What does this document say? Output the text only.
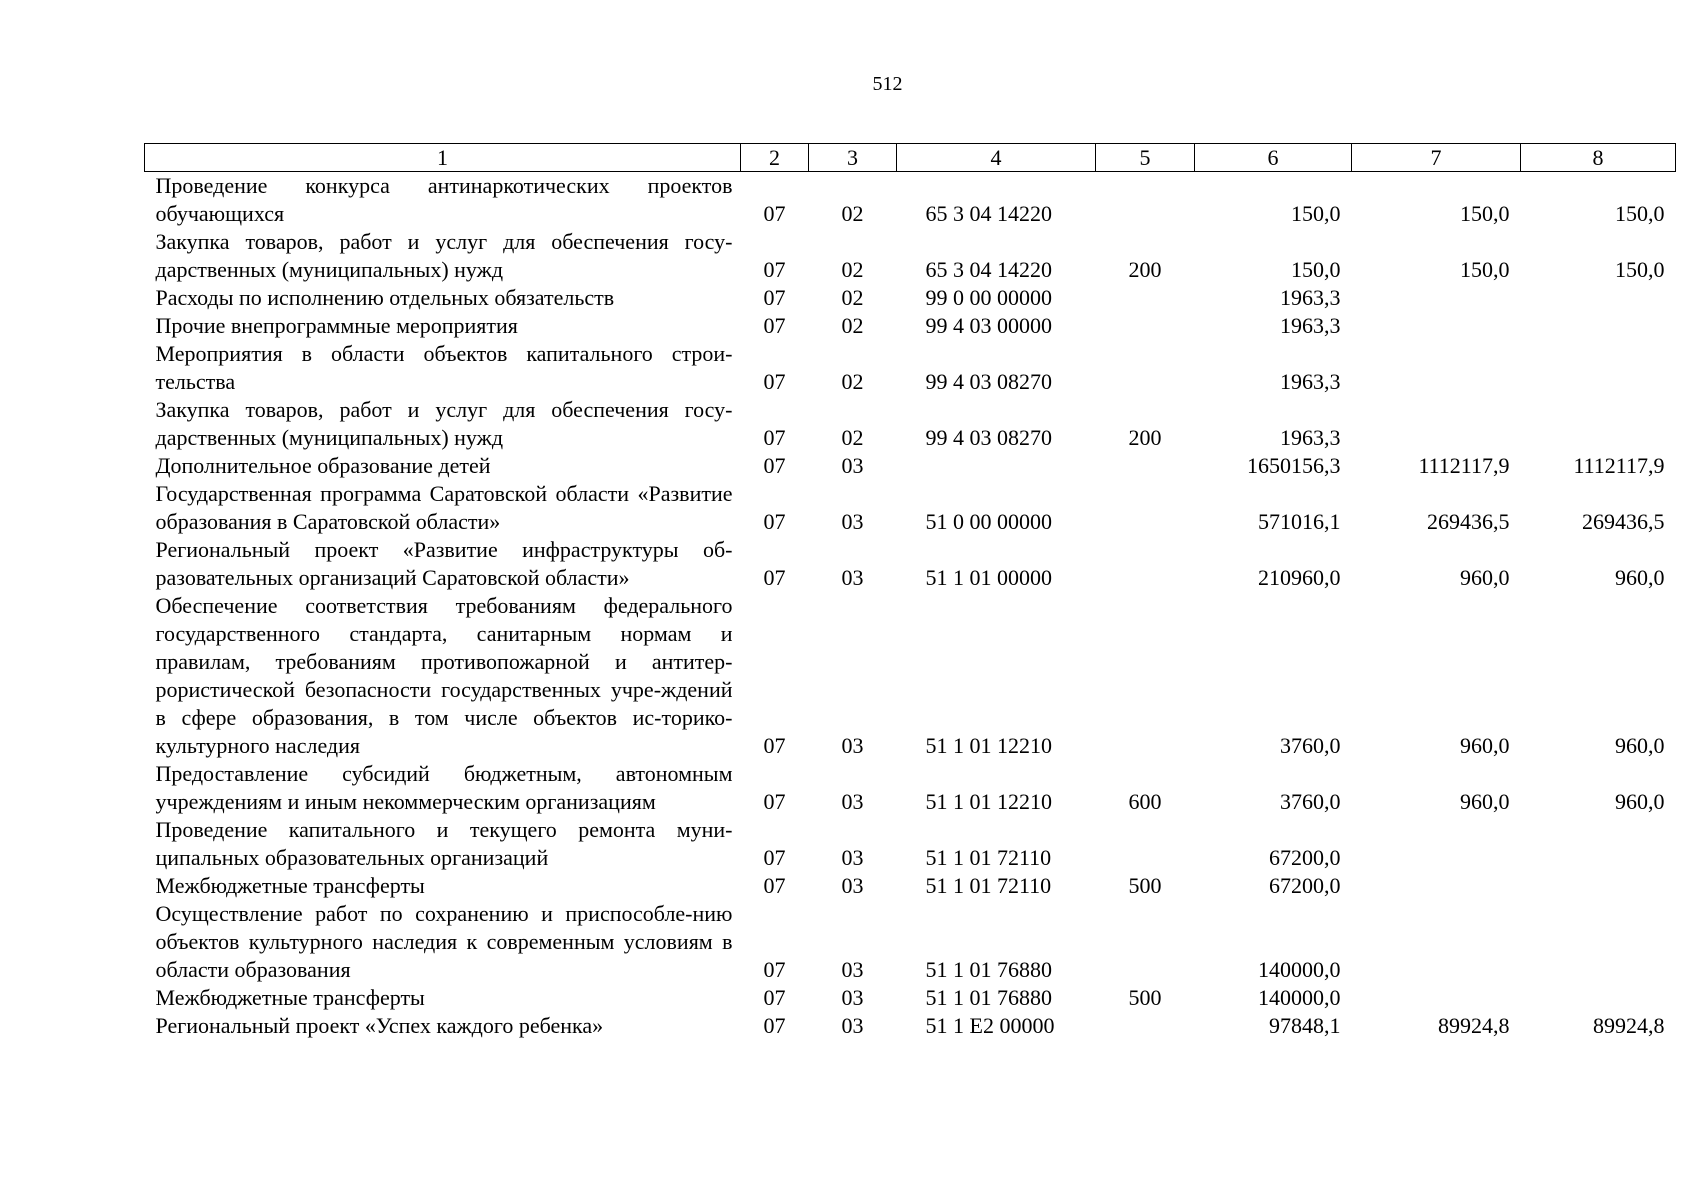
512
1	2	3	4	5	6	7	8
Проведение конкурса антинаркотических проектов обучающихся	07	02	65 3 04 14220		150,0	150,0	150,0
Закупка товаров, работ и услуг для обеспечения госу-дарственных (муниципальных) нужд	07	02	65 3 04 14220	200	150,0	150,0	150,0
Расходы по исполнению отдельных обязательств	07	02	99 0 00 00000		1963,3		
Прочие внепрограммные мероприятия	07	02	99 4 03 00000		1963,3		
Мероприятия в области объектов капитального строи-тельства	07	02	99 4 03 08270		1963,3		
Закупка товаров, работ и услуг для обеспечения госу-дарственных (муниципальных) нужд	07	02	99 4 03 08270	200	1963,3		
Дополнительное образование детей	07	03			1650156,3	1112117,9	1112117,9
Государственная программа Саратовской области «Развитие образования в Саратовской области»	07	03	51 0 00 00000		571016,1	269436,5	269436,5
Региональный проект «Развитие инфраструктуры об-разовательных организаций Саратовской области»	07	03	51 1 01 00000		210960,0	960,0	960,0
Обеспечение соответствия требованиям федерального государственного стандарта, санитарным нормам и правилам, требованиям противопожарной и антитер-рористической безопасности государственных учре-ждений в сфере образования, в том числе объектов ис-торико-культурного наследия	07	03	51 1 01 12210		3760,0	960,0	960,0
Предоставление субсидий бюджетным, автономным учреждениям и иным некоммерческим организациям	07	03	51 1 01 12210	600	3760,0	960,0	960,0
Проведение капитального и текущего ремонта муни-ципальных образовательных организаций	07	03	51 1 01 72110		67200,0		
Межбюджетные трансферты	07	03	51 1 01 72110	500	67200,0		
Осуществление работ по сохранению и приспособле-нию объектов культурного наследия к современным условиям в области образования	07	03	51 1 01 76880		140000,0		
Межбюджетные трансферты	07	03	51 1 01 76880	500	140000,0		
Региональный проект «Успех каждого ребенка»	07	03	51 1 E2 00000		97848,1	89924,8	89924,8
